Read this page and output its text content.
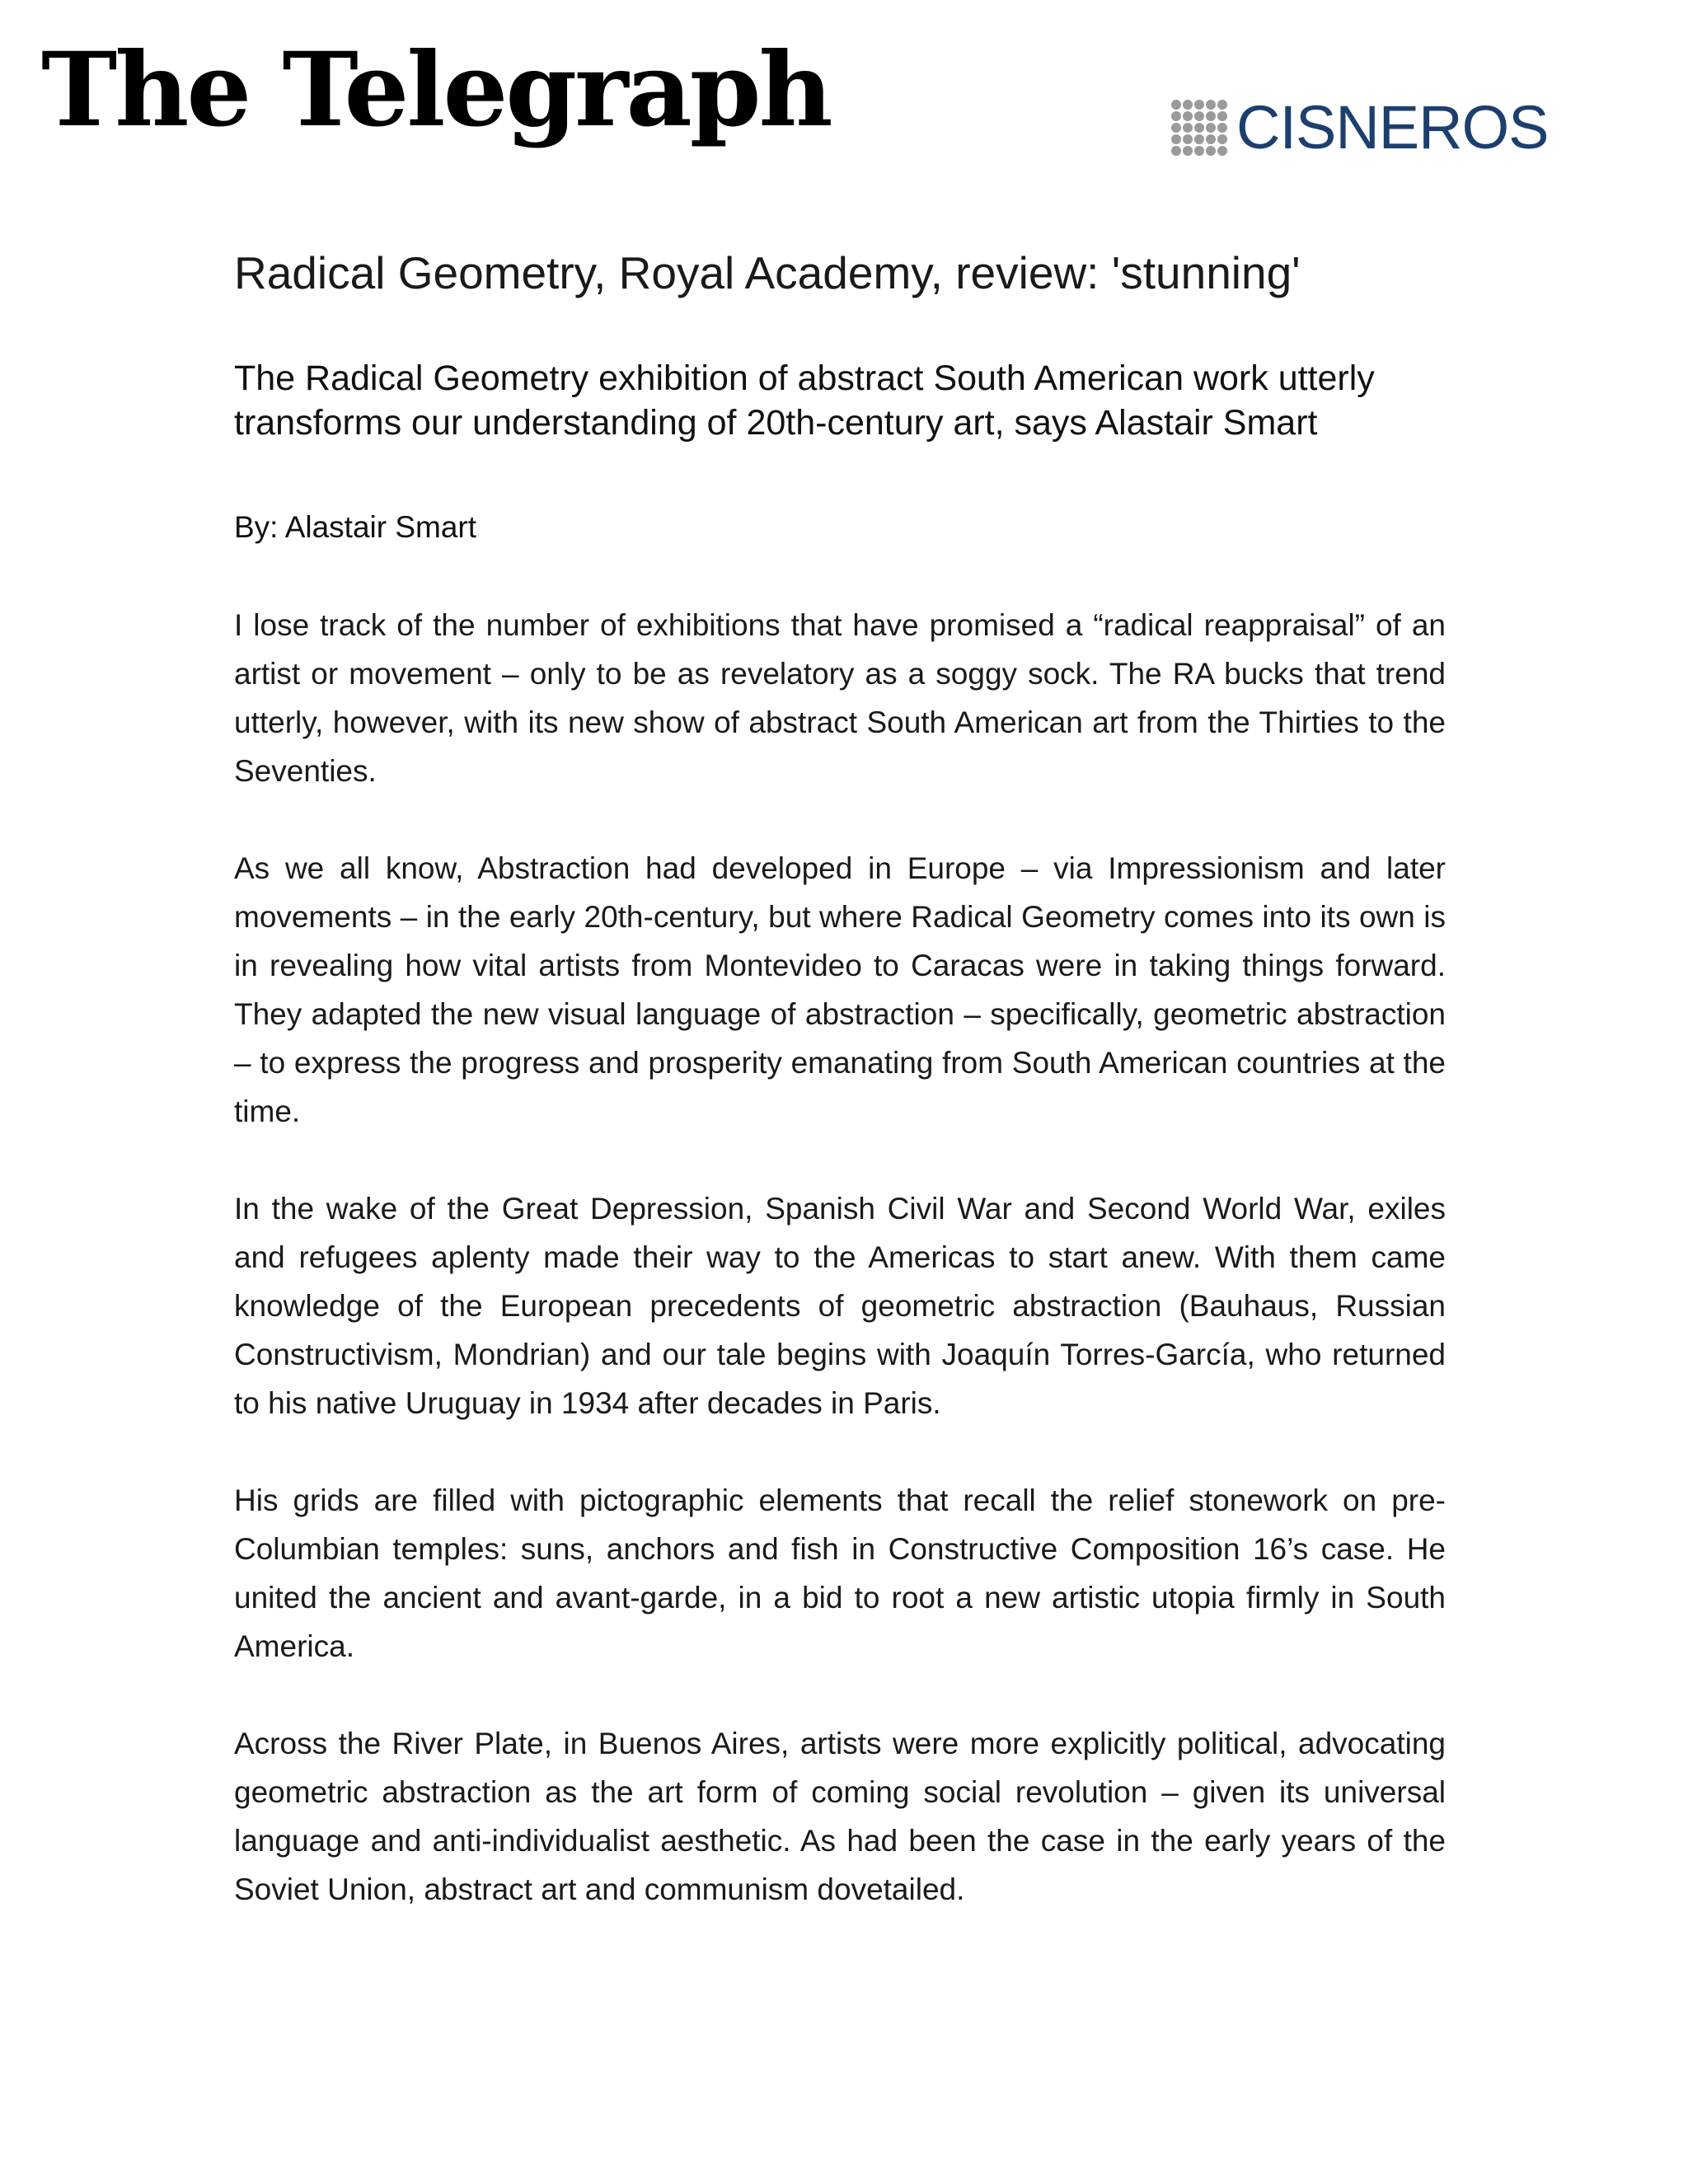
The Telegraph	CISNEROS
Radical Geometry, Royal Academy, review: 'stunning'

The Radical Geometry exhibition of abstract South American work utterly transforms our understanding of 20th-century art, says Alastair Smart

By: Alastair Smart

I lose track of the number of exhibitions that have promised a “radical reappraisal” of an artist or movement – only to be as revelatory as a soggy sock. The RA bucks that trend utterly, however, with its new show of abstract South American art from the Thirties to the Seventies.

As we all know, Abstraction had developed in Europe – via Impressionism and later movements – in the early 20th-century, but where Radical Geometry comes into its own is in revealing how vital artists from Montevideo to Caracas were in taking things forward. They adapted the new visual language of abstraction – specifically, geometric abstraction – to express the progress and prosperity emanating from South American countries at the time.

In the wake of the Great Depression, Spanish Civil War and Second World War, exiles and refugees aplenty made their way to the Americas to start anew. With them came knowledge of the European precedents of geometric abstraction (Bauhaus, Russian Constructivism, Mondrian) and our tale begins with Joaquín Torres-García, who returned to his native Uruguay in 1934 after decades in Paris.

His grids are filled with pictographic elements that recall the relief stonework on pre-Columbian temples: suns, anchors and fish in Constructive Composition 16’s case. He united the ancient and avant-garde, in a bid to root a new artistic utopia firmly in South America.

Across the River Plate, in Buenos Aires, artists were more explicitly political, advocating geometric abstraction as the art form of coming social revolution – given its universal language and anti-individualist aesthetic. As had been the case in the early years of the Soviet Union, abstract art and communism dovetailed.
